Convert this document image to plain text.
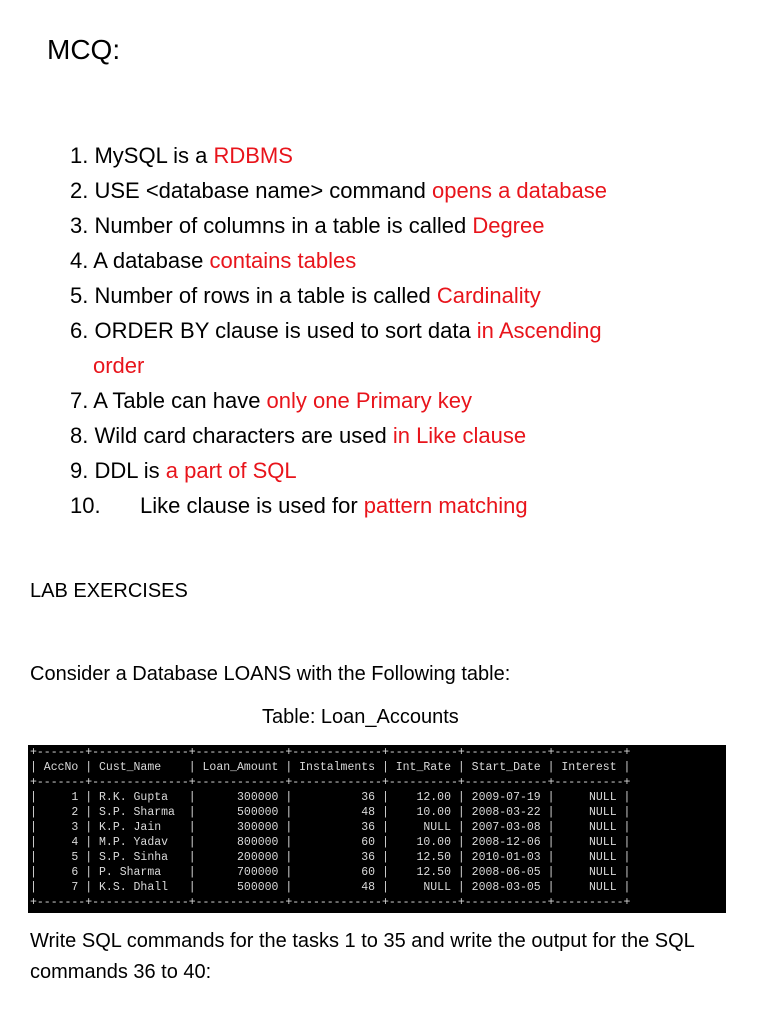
MCQ:
1. MySQL is a RDBMS
2. USE <database name> command opens a database
3. Number of columns in a table is called Degree
4. A database contains tables
5. Number of rows in a table is called Cardinality
6. ORDER BY clause is used to sort data in Ascending
order
7. A Table can have only one Primary key
8. Wild card characters are used in Like clause
9. DDL is a part of SQL
10. Like clause is used for pattern matching
LAB EXERCISES
Consider a Database LOANS with the Following table:
Table: Loan_Accounts
+-------+--------------+-------------+-------------+----------+------------+----------+
| AccNo | Cust_Name    | Loan_Amount | Instalments | Int_Rate | Start_Date | Interest |
+-------+--------------+-------------+-------------+----------+------------+----------+
|     1 | R.K. Gupta   |      300000 |          36 |    12.00 | 2009-07-19 |     NULL |
|     2 | S.P. Sharma  |      500000 |          48 |    10.00 | 2008-03-22 |     NULL |
|     3 | K.P. Jain    |      300000 |          36 |     NULL | 2007-03-08 |     NULL |
|     4 | M.P. Yadav   |      800000 |          60 |    10.00 | 2008-12-06 |     NULL |
|     5 | S.P. Sinha   |      200000 |          36 |    12.50 | 2010-01-03 |     NULL |
|     6 | P. Sharma    |      700000 |          60 |    12.50 | 2008-06-05 |     NULL |
|     7 | K.S. Dhall   |      500000 |          48 |     NULL | 2008-03-05 |     NULL |
+-------+--------------+-------------+-------------+----------+------------+----------+
Write SQL commands for the tasks 1 to 35 and write the output for the SQL commands 36 to 40:
